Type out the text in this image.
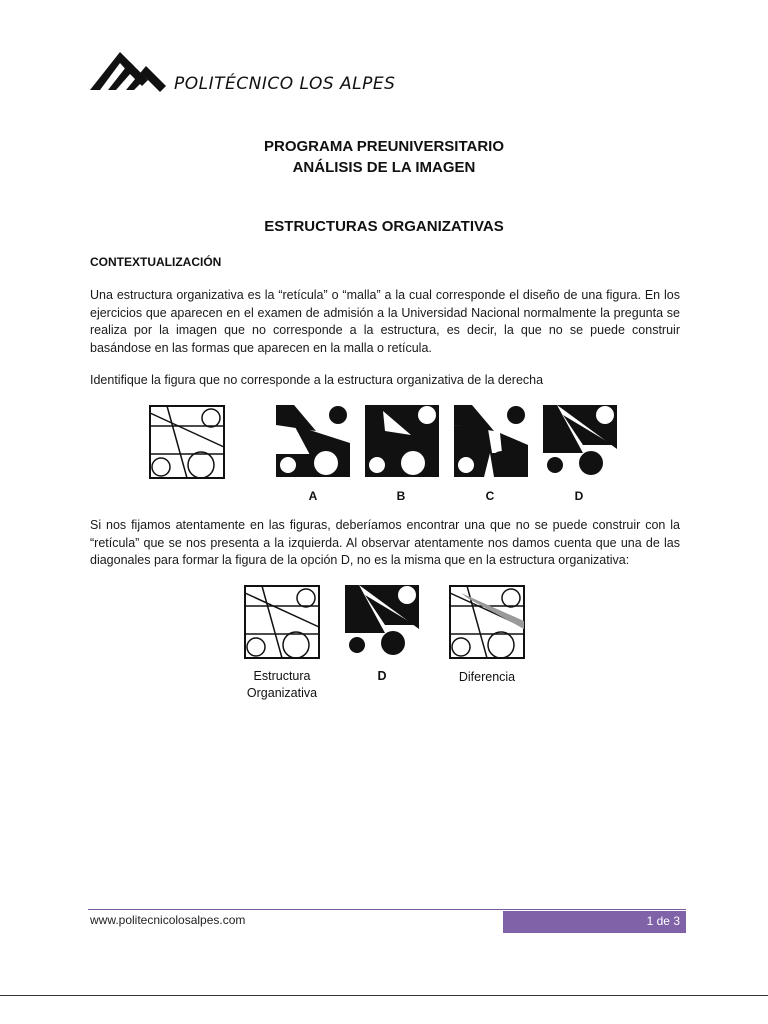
POLITÉCNICO LOS ALPES
PROGRAMA PREUNIVERSITARIO
ANÁLISIS DE LA IMAGEN
ESTRUCTURAS ORGANIZATIVAS
CONTEXTUALIZACIÓN
Una estructura organizativa es la “retícula” o “malla” a la cual corresponde el diseño de una figura. En los ejercicios que aparecen en el examen de admisión a la Universidad Nacional normalmente la pregunta se realiza por la imagen que no corresponde a la estructura, es decir, la que no se puede construir basándose en las formas que aparecen en la malla o retícula.
Identifique la figura que no corresponde a la estructura organizativa de la derecha
A	B	C	D
Si nos fijamos atentamente en las figuras, deberíamos encontrar una que no se puede construir con la “retícula” que se nos presenta a la izquierda. Al observar atentamente nos damos cuenta que una de las diagonales para formar la figura de la opción D, no es la misma que en la estructura organizativa:
Estructura
Organizativa
D	Diferencia
www.politecnicolosalpes.com	1 de 3
